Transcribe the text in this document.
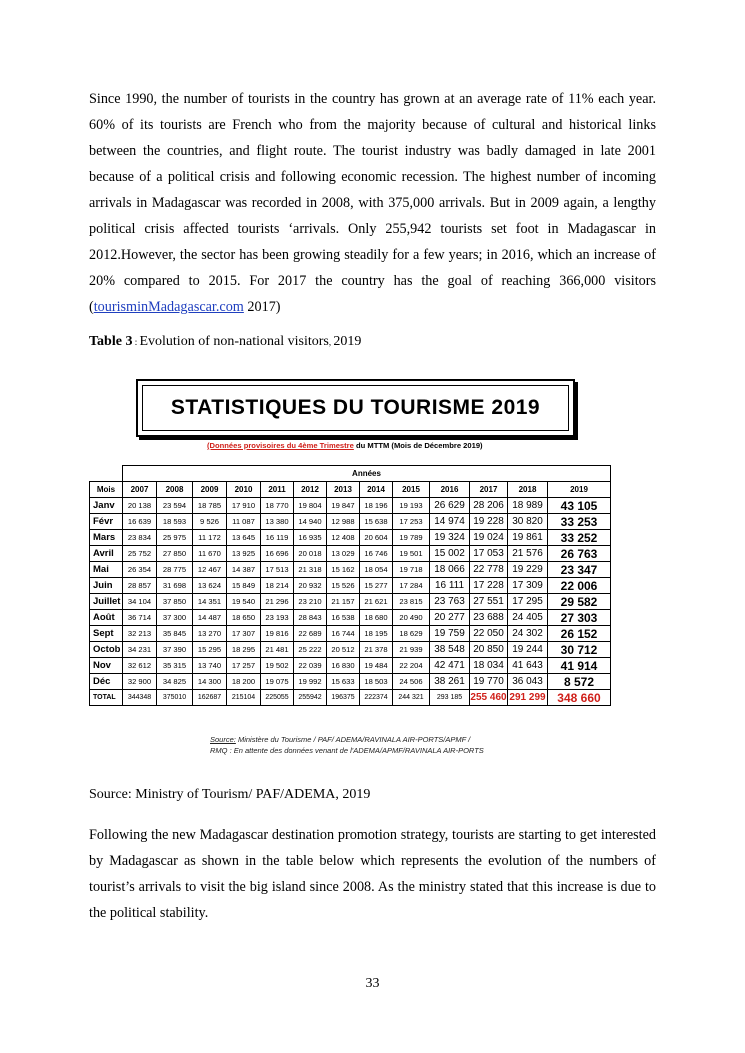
Since 1990, the number of tourists in the country has grown at an average rate of 11% each year. 60% of its tourists are French who from the majority because of cultural and historical links between the countries, and flight route. The tourist industry was badly damaged in late 2001 because of a political crisis and following economic recession. The highest number of incoming arrivals in Madagascar was recorded in 2008, with 375,000 arrivals. But in 2009 again, a lengthy political crisis affected tourists ‘arrivals. Only 255,942 tourists set foot in Madagascar in 2012.However, the sector has been growing steadily for a few years; in 2016, which an increase of 20% compared to 2015. For 2017 the country has the goal of reaching 366,000 visitors (tourisminMadagascar.com 2017)

Table 3 : Evolution of non-national visitors, 2019
STATISTIQUES DU TOURISME 2019
(Données provisoires du 4ème Trimestre du MTTM (Mois de Décembre 2019)
	Années												
Mois	2007	2008	2009	2010	2011	2012	2013	2014	2015	2016	2017	2018	2019
Janv	20 138	23 594	18 785	17 910	18 770	19 804	19 847	18 196	19 193	26 629	28 206	18 989	43 105
Févr	16 639	18 593	9 526	11 087	13 380	14 940	12 988	15 638	17 253	14 974	19 228	30 820	33 253
Mars	23 834	25 975	11 172	13 645	16 119	16 935	12 408	20 604	19 789	19 324	19 024	19 861	33 252
Avril	25 752	27 850	11 670	13 925	16 696	20 018	13 029	16 746	19 501	15 002	17 053	21 576	26 763
Mai	26 354	28 775	12 467	14 387	17 513	21 318	15 162	18 054	19 718	18 066	22 778	19 229	23 347
Juin	28 857	31 698	13 624	15 849	18 214	20 932	15 526	15 277	17 284	16 111	17 228	17 309	22 006
Juillet	34 104	37 850	14 351	19 540	21 296	23 210	21 157	21 621	23 815	23 763	27 551	17 295	29 582
Août	36 714	37 300	14 487	18 650	23 193	28 843	16 538	18 680	20 490	20 277	23 688	24 405	27 303
Sept	32 213	35 845	13 270	17 307	19 816	22 689	16 744	18 195	18 629	19 759	22 050	24 302	26 152
Octob	34 231	37 390	15 295	18 295	21 481	25 222	20 512	21 378	21 939	38 548	20 850	19 244	30 712
Nov	32 612	35 315	13 740	17 257	19 502	22 039	16 830	19 484	22 204	42 471	18 034	41 643	41 914
Déc	32 900	34 825	14 300	18 200	19 075	19 992	15 633	18 503	24 506	38 261	19 770	36 043	8 572
TOTAL	344348	375010	162687	215104	225055	255942	196375	222374	244 321	293 185	255 460	291 299	348 660
Source: Ministère du Tourisme / PAF/ ADEMA/RAVINALA AIR-PORTS/APMF /
RMQ : En attente des données venant de l'ADEMA/APMF/RAVINALA AIR-PORTS
Source: Ministry of Tourism/ PAF/ADEMA, 2019

Following the new Madagascar destination promotion strategy, tourists are starting to get interested by Madagascar as shown in the table below which represents the evolution of the numbers of tourist’s arrivals to visit the big island since 2008. As the ministry stated that this increase is due to the political stability.

33
